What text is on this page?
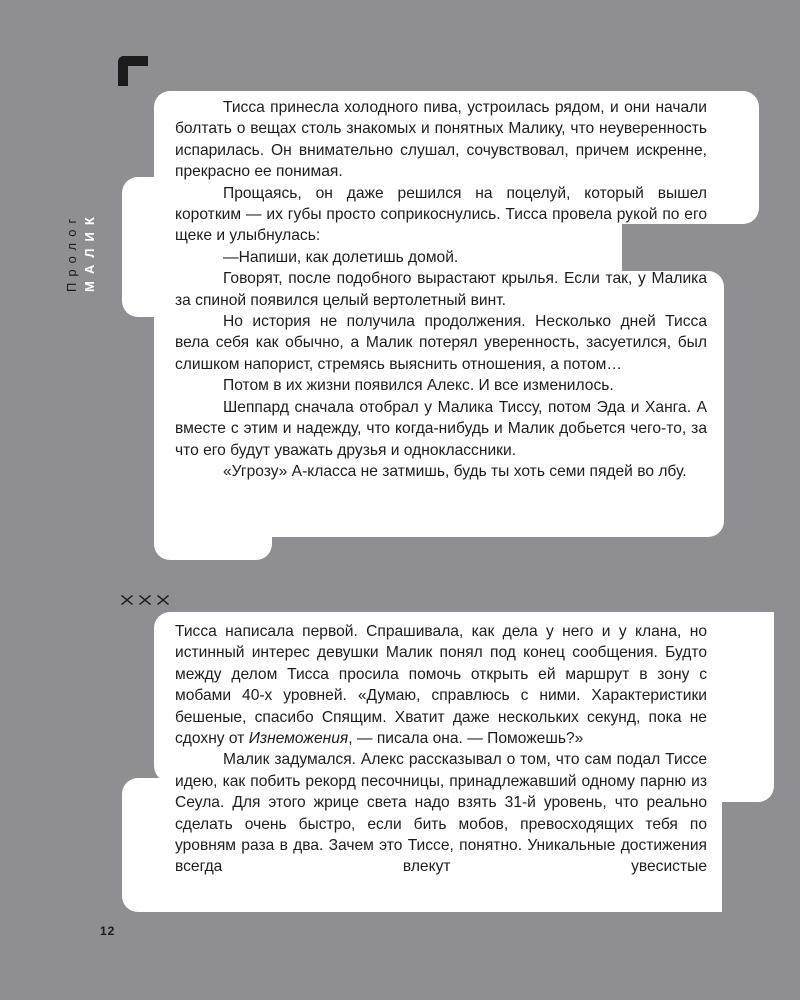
Пролог МАЛИК

Тисса принесла холодного пива, устроилась рядом, и они начали болтать о вещах столь знакомых и понятных Малику, что неуверенность испарилась. Он внимательно слушал, сочувствовал, причем искренне, прекрасно ее понимая.

Прощаясь, он даже решился на поцелуй, который вышел коротким — их губы просто соприкоснулись. Тисса провела рукой по его щеке и улыбнулась:

—Напиши, как долетишь домой.

Говорят, после подобного вырастают крылья. Если так, у Малика за спиной появился целый вертолетный винт.

Но история не получила продолжения. Несколько дней Тисса вела себя как обычно, а Малик потерял уверенность, засуетился, был слишком напорист, стремясь выяснить отношения, а потом…

Потом в их жизни появился Алекс. И все изменилось.

Шеппард сначала отобрал у Малика Тиссу, потом Эда и Ханга. А вместе с этим и надежду, что когда-нибудь и Малик добьется чего-то, за что его будут уважать друзья и одноклассники.

«Угрозу» А-класса не затмишь, будь ты хоть семи пядей во лбу.

Тисса написала первой. Спрашивала, как дела у него и у клана, но истинный интерес девушки Малик понял под конец сообщения. Будто между делом Тисса просила помочь открыть ей маршрут в зону с мобами 40-х уровней. «Думаю, справлюсь с ними. Характеристики бешеные, спасибо Спящим. Хватит даже нескольких секунд, пока не сдохну от Изнеможения, — писала она. — Поможешь?»

Малик задумался. Алекс рассказывал о том, что сам подал Тиссе идею, как побить рекорд песочницы, принадлежавший одному парню из Сеула. Для этого жрице света надо взять 31-й уровень, что реально сделать очень быстро, если бить мобов, превосходящих тебя по уровням раза в два. Зачем это Тиссе, понятно. Уникальные достижения всегда влекут увесистые

12
